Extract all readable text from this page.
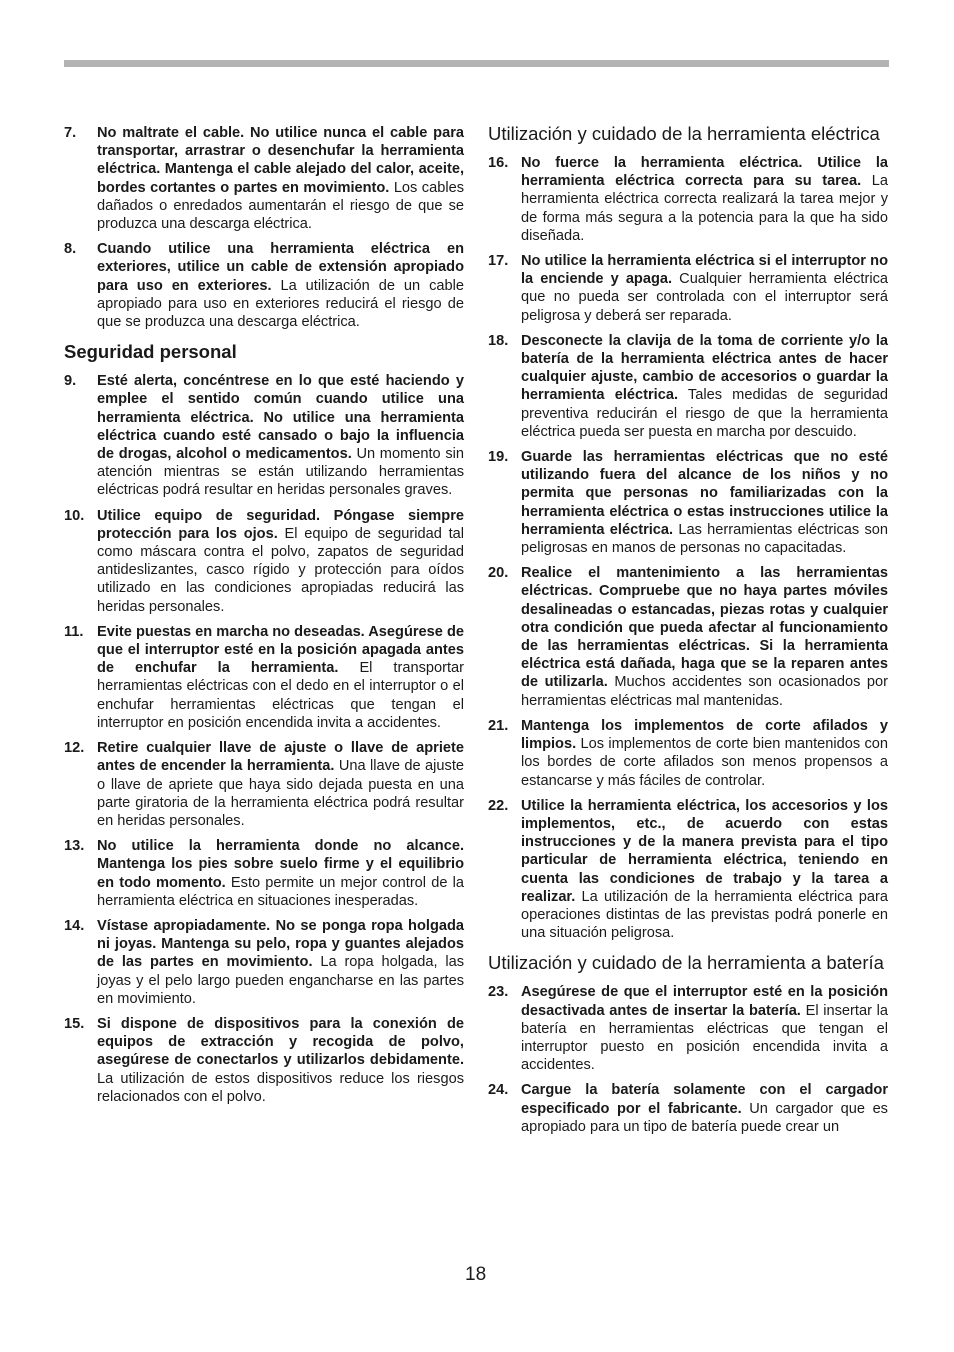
7. No maltrate el cable. No utilice nunca el cable para transportar, arrastrar o desenchufar la herramienta eléctrica. Mantenga el cable alejado del calor, aceite, bordes cortantes o partes en movimiento. Los cables dañados o enredados aumentarán el riesgo de que se produzca una descarga eléctrica.
8. Cuando utilice una herramienta eléctrica en exteriores, utilice un cable de extensión apropiado para uso en exteriores. La utilización de un cable apropiado para uso en exteriores reducirá el riesgo de que se produzca una descarga eléctrica.
Seguridad personal
9. Esté alerta, concéntrese en lo que esté haciendo y emplee el sentido común cuando utilice una herramienta eléctrica. No utilice una herramienta eléctrica cuando esté cansado o bajo la influencia de drogas, alcohol o medicamentos. Un momento sin atención mientras se están utilizando herramientas eléctricas podrá resultar en heridas personales graves.
10. Utilice equipo de seguridad. Póngase siempre protección para los ojos. El equipo de seguridad tal como máscara contra el polvo, zapatos de seguridad antideslizantes, casco rígido y protección para oídos utilizado en las condiciones apropiadas reducirá las heridas personales.
11. Evite puestas en marcha no deseadas. Asegúrese de que el interruptor esté en la posición apagada antes de enchufar la herramienta. El transportar herramientas eléctricas con el dedo en el interruptor o el enchufar herramientas eléctricas que tengan el interruptor en posición encendida invita a accidentes.
12. Retire cualquier llave de ajuste o llave de apriete antes de encender la herramienta. Una llave de ajuste o llave de apriete que haya sido dejada puesta en una parte giratoria de la herramienta eléctrica podrá resultar en heridas personales.
13. No utilice la herramienta donde no alcance. Mantenga los pies sobre suelo firme y el equilibrio en todo momento. Esto permite un mejor control de la herramienta eléctrica en situaciones inesperadas.
14. Vístase apropiadamente. No se ponga ropa holgada ni joyas. Mantenga su pelo, ropa y guantes alejados de las partes en movimiento. La ropa holgada, las joyas y el pelo largo pueden engancharse en las partes en movimiento.
15. Si dispone de dispositivos para la conexión de equipos de extracción y recogida de polvo, asegúrese de conectarlos y utilizarlos debidamente. La utilización de estos dispositivos reduce los riesgos relacionados con el polvo.
Utilización y cuidado de la herramienta eléctrica
16. No fuerce la herramienta eléctrica. Utilice la herramienta eléctrica correcta para su tarea. La herramienta eléctrica correcta realizará la tarea mejor y de forma más segura a la potencia para la que ha sido diseñada.
17. No utilice la herramienta eléctrica si el interruptor no la enciende y apaga. Cualquier herramienta eléctrica que no pueda ser controlada con el interruptor será peligrosa y deberá ser reparada.
18. Desconecte la clavija de la toma de corriente y/o la batería de la herramienta eléctrica antes de hacer cualquier ajuste, cambio de accesorios o guardar la herramienta eléctrica. Tales medidas de seguridad preventiva reducirán el riesgo de que la herramienta eléctrica pueda ser puesta en marcha por descuido.
19. Guarde las herramientas eléctricas que no esté utilizando fuera del alcance de los niños y no permita que personas no familiarizadas con la herramienta eléctrica o estas instrucciones utilice la herramienta eléctrica. Las herramientas eléctricas son peligrosas en manos de personas no capacitadas.
20. Realice el mantenimiento a las herramientas eléctricas. Compruebe que no haya partes móviles desalineadas o estancadas, piezas rotas y cualquier otra condición que pueda afectar al funcionamiento de las herramientas eléctricas. Si la herramienta eléctrica está dañada, haga que se la reparen antes de utilizarla. Muchos accidentes son ocasionados por herramientas eléctricas mal mantenidas.
21. Mantenga los implementos de corte afilados y limpios. Los implementos de corte bien mantenidos con los bordes de corte afilados son menos propensos a estancarse y más fáciles de controlar.
22. Utilice la herramienta eléctrica, los accesorios y los implementos, etc., de acuerdo con estas instrucciones y de la manera prevista para el tipo particular de herramienta eléctrica, teniendo en cuenta las condiciones de trabajo y la tarea a realizar. La utilización de la herramienta eléctrica para operaciones distintas de las previstas podrá ponerle en una situación peligrosa.
Utilización y cuidado de la herramienta a batería
23. Asegúrese de que el interruptor esté en la posición desactivada antes de insertar la batería. El insertar la batería en herramientas eléctricas que tengan el interruptor puesto en posición encendida invita a accidentes.
24. Cargue la batería solamente con el cargador especificado por el fabricante. Un cargador que es apropiado para un tipo de batería puede crear un
18
